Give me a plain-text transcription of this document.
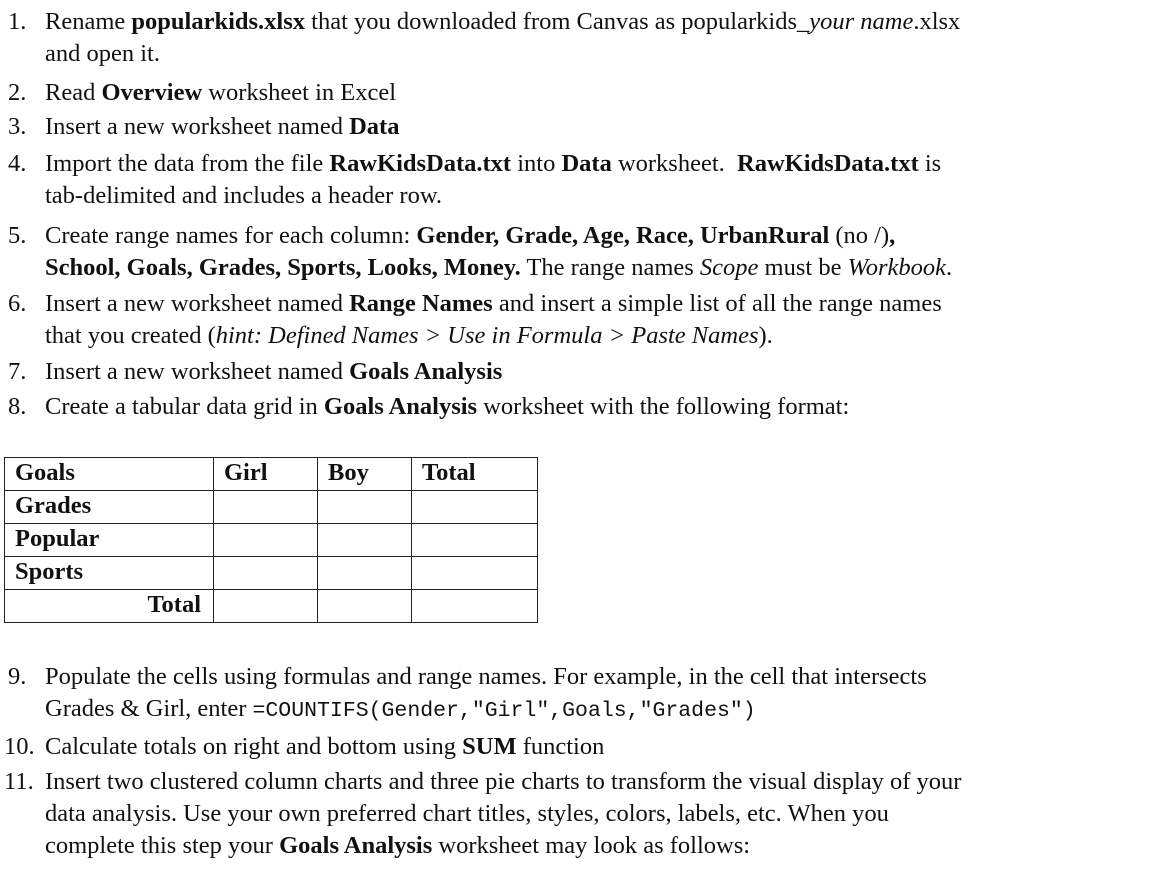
1. Rename popularkids.xlsx that you downloaded from Canvas as popularkids_your name.xlsx
and open it.
2. Read Overview worksheet in Excel
3. Insert a new worksheet named Data
4. Import the data from the file RawKidsData.txt into Data worksheet.  RawKidsData.txt is
tab-delimited and includes a header row.
5. Create range names for each column: Gender, Grade, Age, Race, UrbanRural (no /),
School, Goals, Grades, Sports, Looks, Money. The range names Scope must be Workbook.
6. Insert a new worksheet named Range Names and insert a simple list of all the range names
that you created (hint: Defined Names > Use in Formula > Paste Names).
7. Insert a new worksheet named Goals Analysis
8. Create a tabular data grid in Goals Analysis worksheet with the following format:
Goals	Girl	Boy	Total
Grades			
Popular			
Sports			
Total			
9. Populate the cells using formulas and range names. For example, in the cell that intersects
Grades & Girl, enter =COUNTIFS(Gender,"Girl",Goals,"Grades")
10. Calculate totals on right and bottom using SUM function
11. Insert two clustered column charts and three pie charts to transform the visual display of your
data analysis. Use your own preferred chart titles, styles, colors, labels, etc. When you
complete this step your Goals Analysis worksheet may look as follows:
